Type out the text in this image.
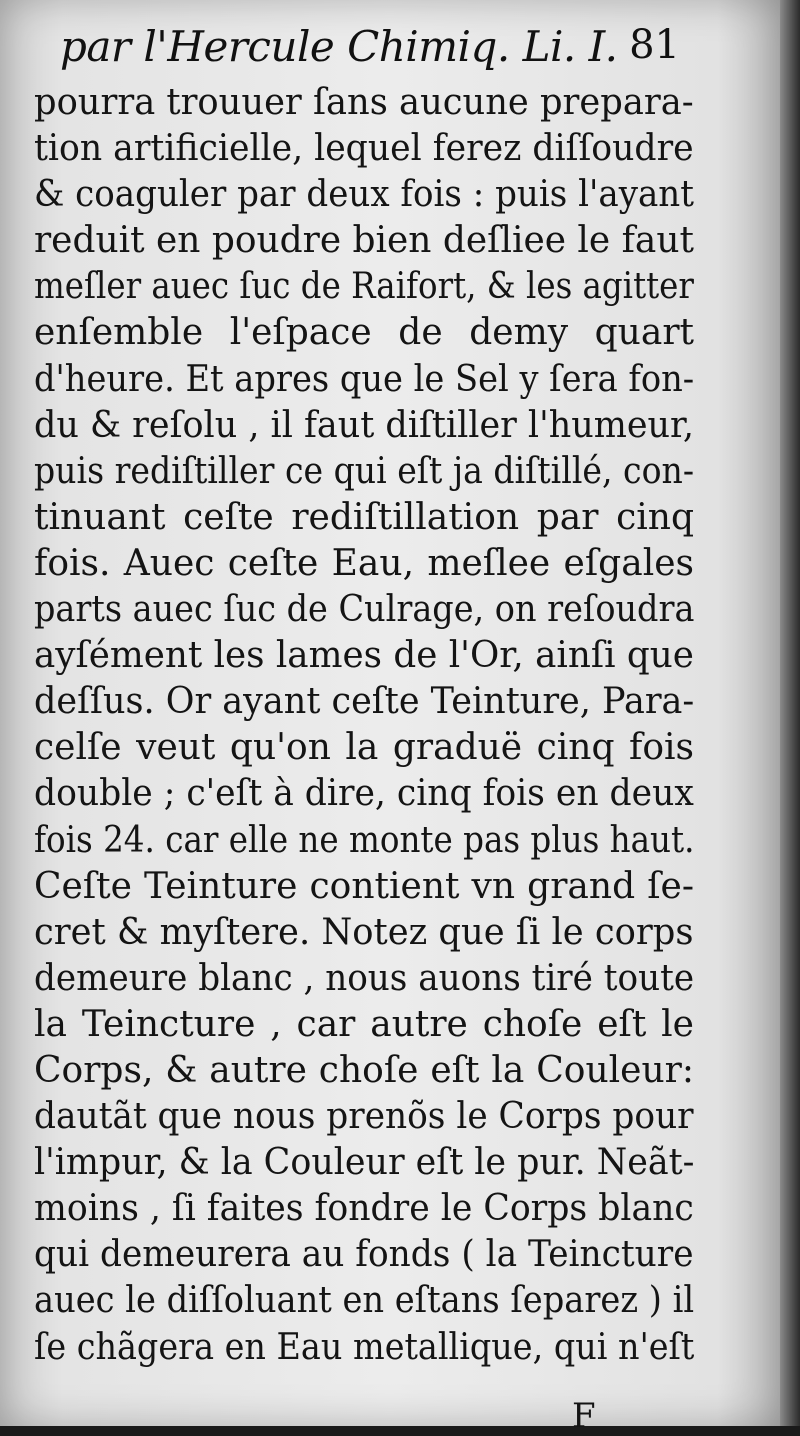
par l'Hercule Chimiq. Li. I. 81
pourra trouuer ſans aucune prepara-
tion artificielle, lequel ferez diſſoudre
& coaguler par deux fois : puis l'ayant
reduit en poudre bien deſliee le faut
meſler auec ſuc de Raifort, & les agitter
enſemble l'eſpace de demy quart
d'heure. Et apres que le Sel y ſera fon-
du & reſolu , il faut diſtiller l'humeur,
puis rediſtiller ce qui eſt ja diſtillé, con-
tinuant ceſte rediſtillation par cinq
fois. Auec ceſte Eau, meſlee eſgales
parts auec ſuc de Culrage, on reſoudra
ayſément les lames de l'Or, ainſi que
deſſus. Or ayant ceſte Teinture, Para-
celſe veut qu'on la graduë cinq fois
double ; c'eſt à dire, cinq fois en deux
fois 24. car elle ne monte pas plus haut.
Ceſte Teinture contient vn grand ſe-
cret & myſtere. Notez que ſi le corps
demeure blanc , nous auons tiré toute
la Teincture , car autre choſe eſt le
Corps, & autre choſe eſt la Couleur:
dautãt que nous prenõs le Corps pour
l'impur, & la Couleur eſt le pur. Neãt-
moins , ſi faites fondre le Corps blanc
qui demeurera au fonds ( la Teincture
auec le diſſoluant en eſtans ſeparez ) il
ſe chãgera en Eau metallique, qui n'eſt
F
